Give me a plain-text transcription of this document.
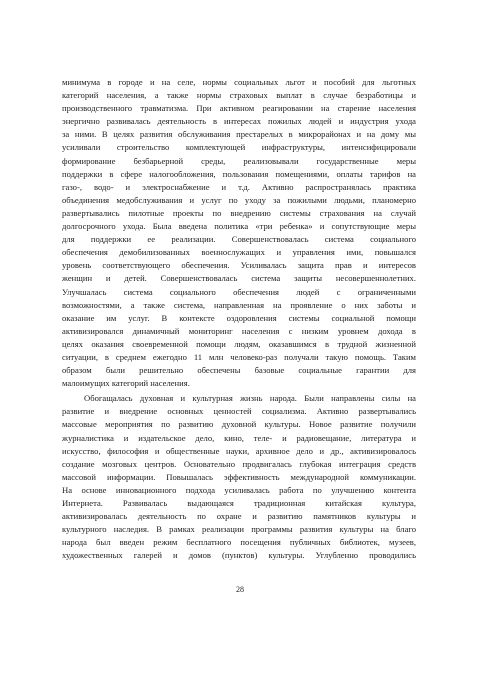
минимума в городе и на селе, нормы социальных льгот и пособий для льготных
категорий населения, а также нормы страховых выплат в случае безработицы и
производственного травматизма. При активном реагировании на старение населения
энергично развивалась деятельность в интересах пожилых людей и индустрия ухода
за ними. В целях развития обслуживания престарелых в микрорайонах и на дому мы
усиливали строительство комплектующей инфраструктуры, интенсифицировали
формирование безбарьерной среды, реализовывали государственные меры
поддержки в сфере налогообложения, пользования помещениями, оплаты тарифов на
газо-, водо- и электроснабжение и т.д. Активно распространялась практика
объединения медобслуживания и услуг по уходу за пожилыми людьми, планомерно
развертывались пилотные проекты по внедрению системы страхования на случай
долгосрочного ухода. Была введена политика «три ребенка» и сопутствующие меры
для поддержки ее реализации. Совершенствовалась система социального
обеспечения демобилизованных военнослужащих и управления ими, повышался
уровень соответствующего обеспечения. Усиливалась защита прав и интересов
женщин и детей. Совершенствовалась система защиты несовершеннолетних.
Улучшалась система социального обеспечения людей с ограниченными
возможностями, а также система, направленная на проявление о них заботы и
оказание им услуг. В контексте оздоровления системы социальной помощи
активизировался динамичный мониторинг населения с низким уровнем дохода в
целях оказания своевременной помощи людям, оказавшимся в трудной жизненной
ситуации, в среднем ежегодно 11 млн человеко-раз получали такую помощь. Таким
образом были решительно обеспечены базовые социальные гарантии для
малоимущих категорий населения.
Обогащалась духовная и культурная жизнь народа. Были направлены силы на
развитие и внедрение основных ценностей социализма. Активно развертывались
массовые мероприятия по развитию духовной культуры. Новое развитие получили
журналистика и издательское дело, кино, теле- и радиовещание, литература и
искусство, философия и общественные науки, архивное дело и др., активизировалось
создание мозговых центров. Основательно продвигалась глубокая интеграция средств
массовой информации. Повышалась эффективность международной коммуникации.
На основе инновационного подхода усиливалась работа по улучшению контента
Интернета. Развивалась выдающаяся традиционная китайская культура,
активизировалась деятельность по охране и развитию памятников культуры и
культурного наследия. В рамках реализации программы развития культуры на благо
народа был введен режим бесплатного посещения публичных библиотек, музеев,
художественных галерей и домов (пунктов) культуры. Углубленно проводились
28
